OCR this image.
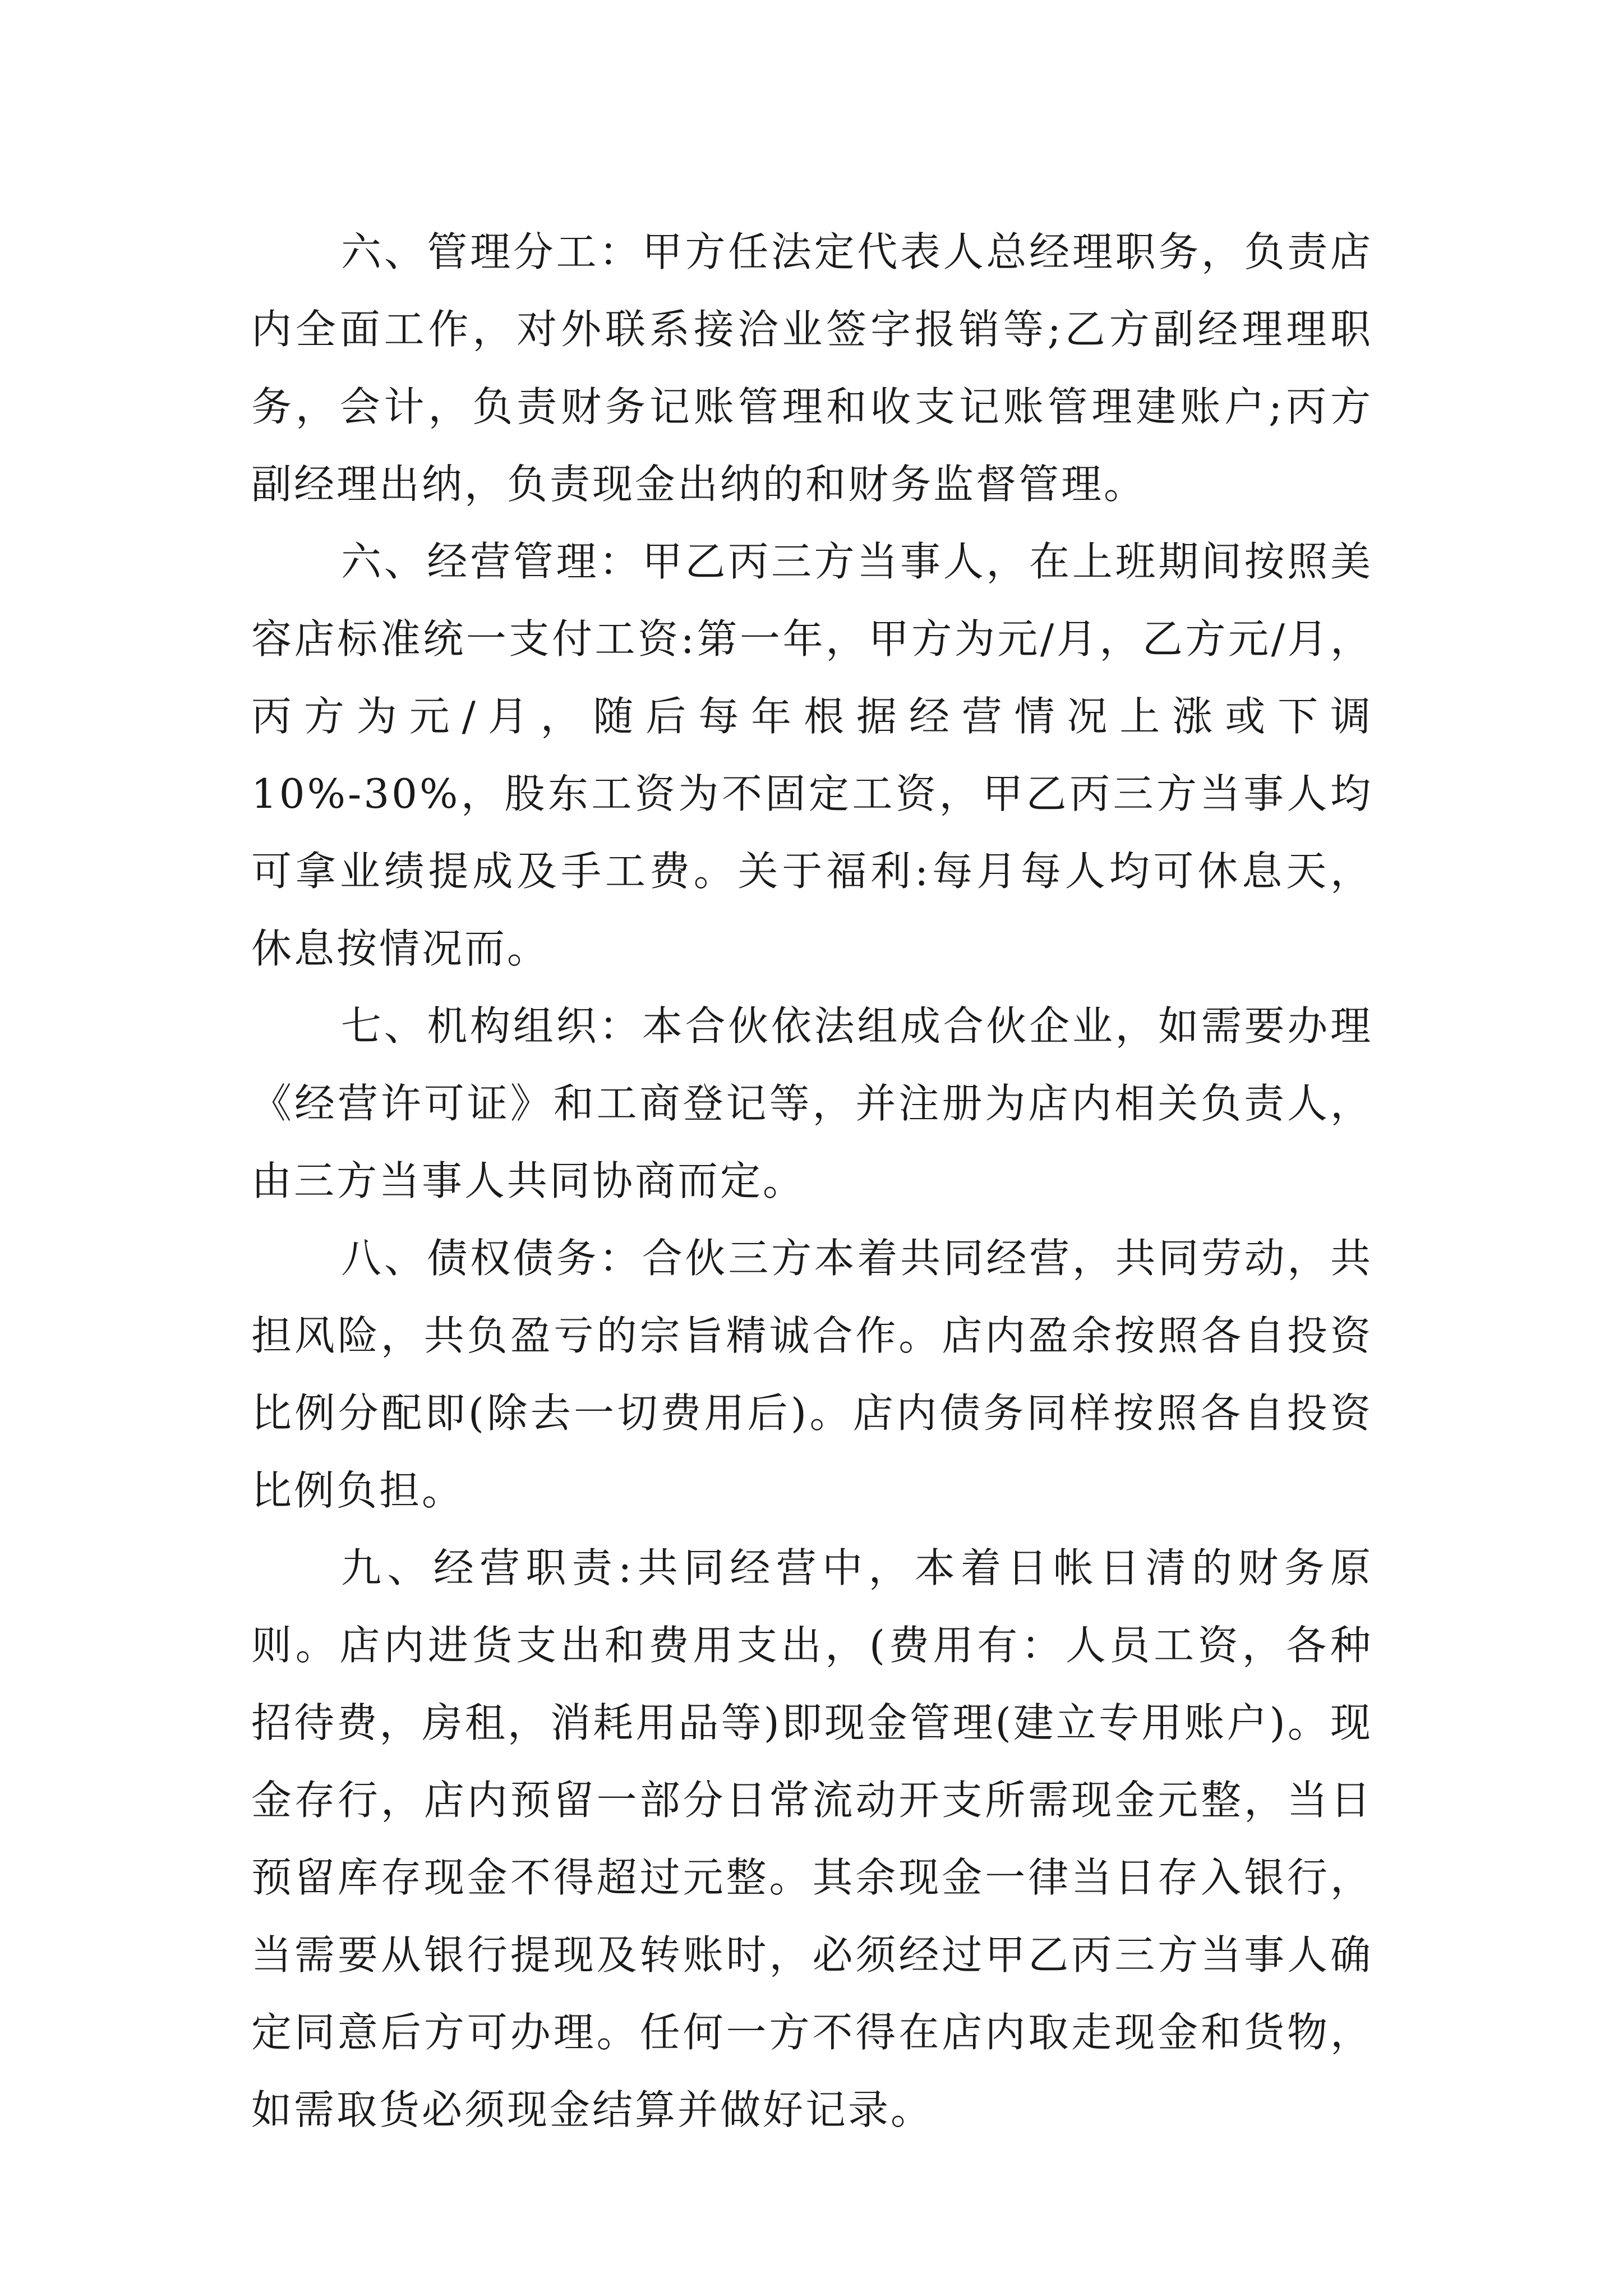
六、管理分工：甲方任法定代表人总经理职务，负责店内全面工作，对外联系接洽业签字报销等;乙方副经理理职务，会计，负责财务记账管理和收支记账管理建账户;丙方副经理出纳，负责现金出纳的和财务监督管理。

六、经营管理：甲乙丙三方当事人，在上班期间按照美容店标准统一支付工资:第一年，甲方为元/月，乙方元/月，丙方为元/月，随后每年根据经营情况上涨或下调10%-30%，股东工资为不固定工资，甲乙丙三方当事人均可拿业绩提成及手工费。关于福利:每月每人均可休息天，休息按情况而。

七、机构组织：本合伙依法组成合伙企业，如需要办理《经营许可证》和工商登记等，并注册为店内相关负责人，由三方当事人共同协商而定。

八、债权债务：合伙三方本着共同经营，共同劳动，共担风险，共负盈亏的宗旨精诚合作。店内盈余按照各自投资比例分配即(除去一切费用后)。店内债务同样按照各自投资比例负担。

九、经营职责:共同经营中，本着日帐日清的财务原则。店内进货支出和费用支出，(费用有：人员工资，各种招待费，房租，消耗用品等)即现金管理(建立专用账户)。现金存行，店内预留一部分日常流动开支所需现金元整，当日预留库存现金不得超过元整。其余现金一律当日存入银行，当需要从银行提现及转账时，必须经过甲乙丙三方当事人确定同意后方可办理。任何一方不得在店内取走现金和货物，如需取货必须现金结算并做好记录。
